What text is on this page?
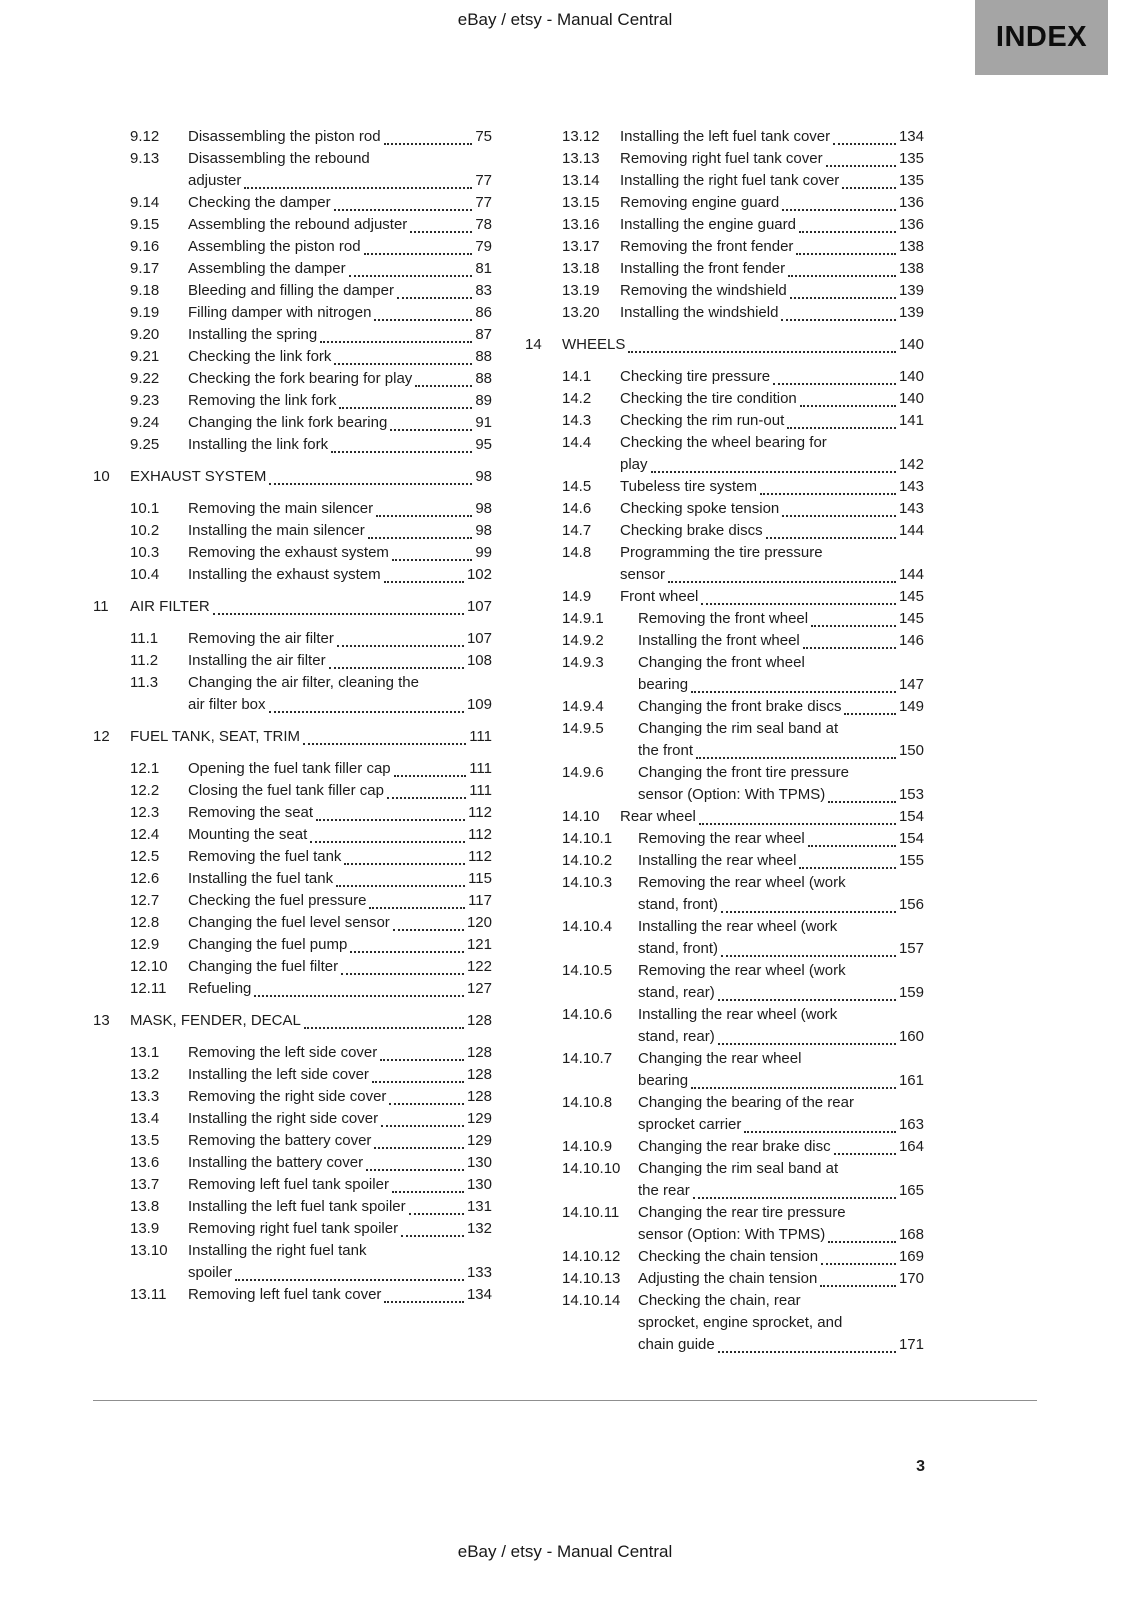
eBay / etsy - Manual Central
INDEX
9.12	Disassembling the piston rod	75
9.13	Disassembling the rebound
adjuster	77
9.14	Checking the damper	77
9.15	Assembling the rebound adjuster	78
9.16	Assembling the piston rod	79
9.17	Assembling the damper	81
9.18	Bleeding and filling the damper	83
9.19	Filling damper with nitrogen	86
9.20	Installing the spring	87
9.21	Checking the link fork	88
9.22	Checking the fork bearing for play	88
9.23	Removing the link fork	89
9.24	Changing the link fork bearing	91
9.25	Installing the link fork	95
10	EXHAUST SYSTEM	98
10.1	Removing the main silencer	98
10.2	Installing the main silencer	98
10.3	Removing the exhaust system	99
10.4	Installing the exhaust system	102
11	AIR FILTER	107
11.1	Removing the air filter	107
11.2	Installing the air filter	108
11.3	Changing the air filter, cleaning the
air filter box	109
12	FUEL TANK, SEAT, TRIM	111
12.1	Opening the fuel tank filler cap	111
12.2	Closing the fuel tank filler cap	111
12.3	Removing the seat	112
12.4	Mounting the seat	112
12.5	Removing the fuel tank	112
12.6	Installing the fuel tank	115
12.7	Checking the fuel pressure	117
12.8	Changing the fuel level sensor	120
12.9	Changing the fuel pump	121
12.10	Changing the fuel filter	122
12.11	Refueling	127
13	MASK, FENDER, DECAL	128
13.1	Removing the left side cover	128
13.2	Installing the left side cover	128
13.3	Removing the right side cover	128
13.4	Installing the right side cover	129
13.5	Removing the battery cover	129
13.6	Installing the battery cover	130
13.7	Removing left fuel tank spoiler	130
13.8	Installing the left fuel tank spoiler	131
13.9	Removing right fuel tank spoiler	132
13.10	Installing the right fuel tank
spoiler	133
13.11	Removing left fuel tank cover	134
13.12	Installing the left fuel tank cover	134
13.13	Removing right fuel tank cover	135
13.14	Installing the right fuel tank cover	135
13.15	Removing engine guard	136
13.16	Installing the engine guard	136
13.17	Removing the front fender	138
13.18	Installing the front fender	138
13.19	Removing the windshield	139
13.20	Installing the windshield	139
14	WHEELS	140
14.1	Checking tire pressure	140
14.2	Checking the tire condition	140
14.3	Checking the rim run-out	141
14.4	Checking the wheel bearing for
play	142
14.5	Tubeless tire system	143
14.6	Checking spoke tension	143
14.7	Checking brake discs	144
14.8	Programming the tire pressure
sensor	144
14.9	Front wheel	145
14.9.1	Removing the front wheel	145
14.9.2	Installing the front wheel	146
14.9.3	Changing the front wheel
bearing	147
14.9.4	Changing the front brake discs	149
14.9.5	Changing the rim seal band at
the front	150
14.9.6	Changing the front tire pressure
sensor (Option: With TPMS)	153
14.10	Rear wheel	154
14.10.1	Removing the rear wheel	154
14.10.2	Installing the rear wheel	155
14.10.3	Removing the rear wheel (work
stand, front)	156
14.10.4	Installing the rear wheel (work
stand, front)	157
14.10.5	Removing the rear wheel (work
stand, rear)	159
14.10.6	Installing the rear wheel (work
stand, rear)	160
14.10.7	Changing the rear wheel
bearing	161
14.10.8	Changing the bearing of the rear
sprocket carrier	163
14.10.9	Changing the rear brake disc	164
14.10.10	Changing the rim seal band at
the rear	165
14.10.11	Changing the rear tire pressure
sensor (Option: With TPMS)	168
14.10.12	Checking the chain tension	169
14.10.13	Adjusting the chain tension	170
14.10.14	Checking the chain, rear
sprocket, engine sprocket, and
chain guide	171
3
eBay / etsy - Manual Central
